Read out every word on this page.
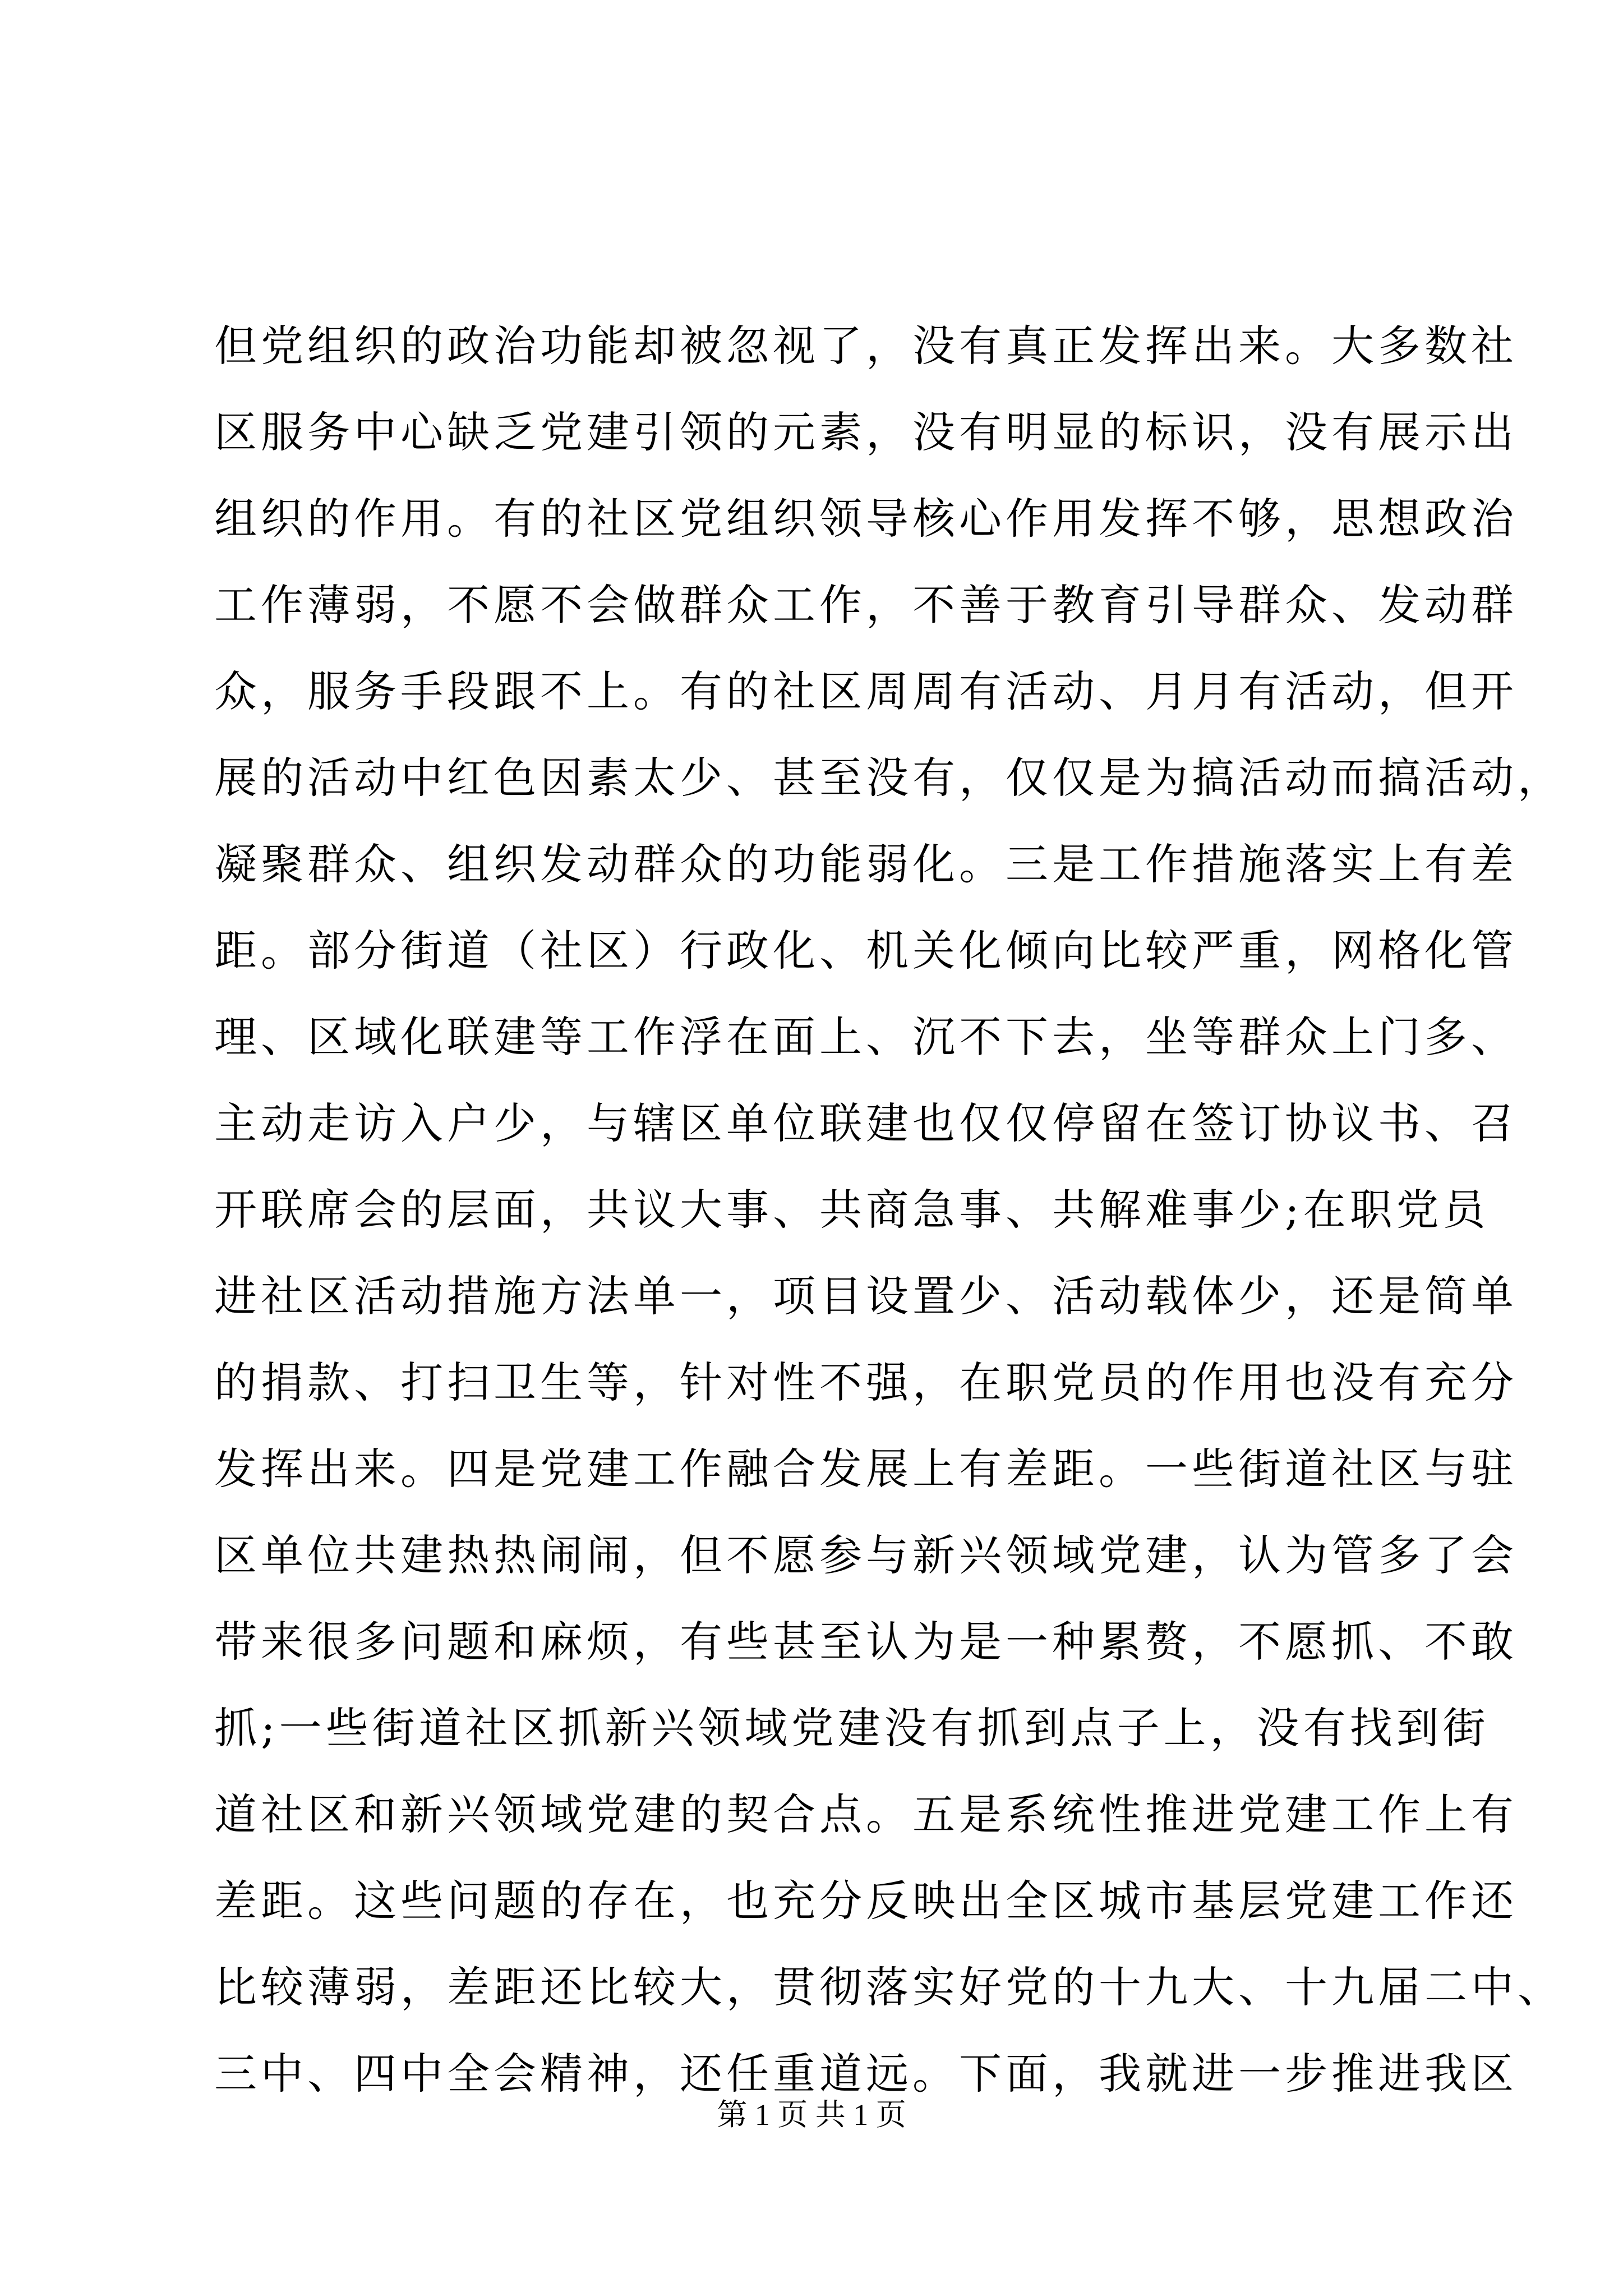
但党组织的政治功能却被忽视了，没有真正发挥出来。大多数社
区服务中心缺乏党建引领的元素，没有明显的标识，没有展示出
组织的作用。有的社区党组织领导核心作用发挥不够，思想政治
工作薄弱，不愿不会做群众工作，不善于教育引导群众、发动群
众，服务手段跟不上。有的社区周周有活动、月月有活动，但开
展的活动中红色因素太少、甚至没有，仅仅是为搞活动而搞活动，
凝聚群众、组织发动群众的功能弱化。三是工作措施落实上有差
距。部分街道（社区）行政化、机关化倾向比较严重，网格化管
理、区域化联建等工作浮在面上、沉不下去，坐等群众上门多、
主动走访入户少，与辖区单位联建也仅仅停留在签订协议书、召
开联席会的层面，共议大事、共商急事、共解难事少;在职党员
进社区活动措施方法单一，项目设置少、活动载体少，还是简单
的捐款、打扫卫生等，针对性不强，在职党员的作用也没有充分
发挥出来。四是党建工作融合发展上有差距。一些街道社区与驻
区单位共建热热闹闹，但不愿参与新兴领域党建，认为管多了会
带来很多问题和麻烦，有些甚至认为是一种累赘，不愿抓、不敢
抓;一些街道社区抓新兴领域党建没有抓到点子上，没有找到街
道社区和新兴领域党建的契合点。五是系统性推进党建工作上有
差距。这些问题的存在，也充分反映出全区城市基层党建工作还
比较薄弱，差距还比较大，贯彻落实好党的十九大、十九届二中、
三中、四中全会精神，还任重道远。下面，我就进一步推进我区
第 1 页 共 1 页
